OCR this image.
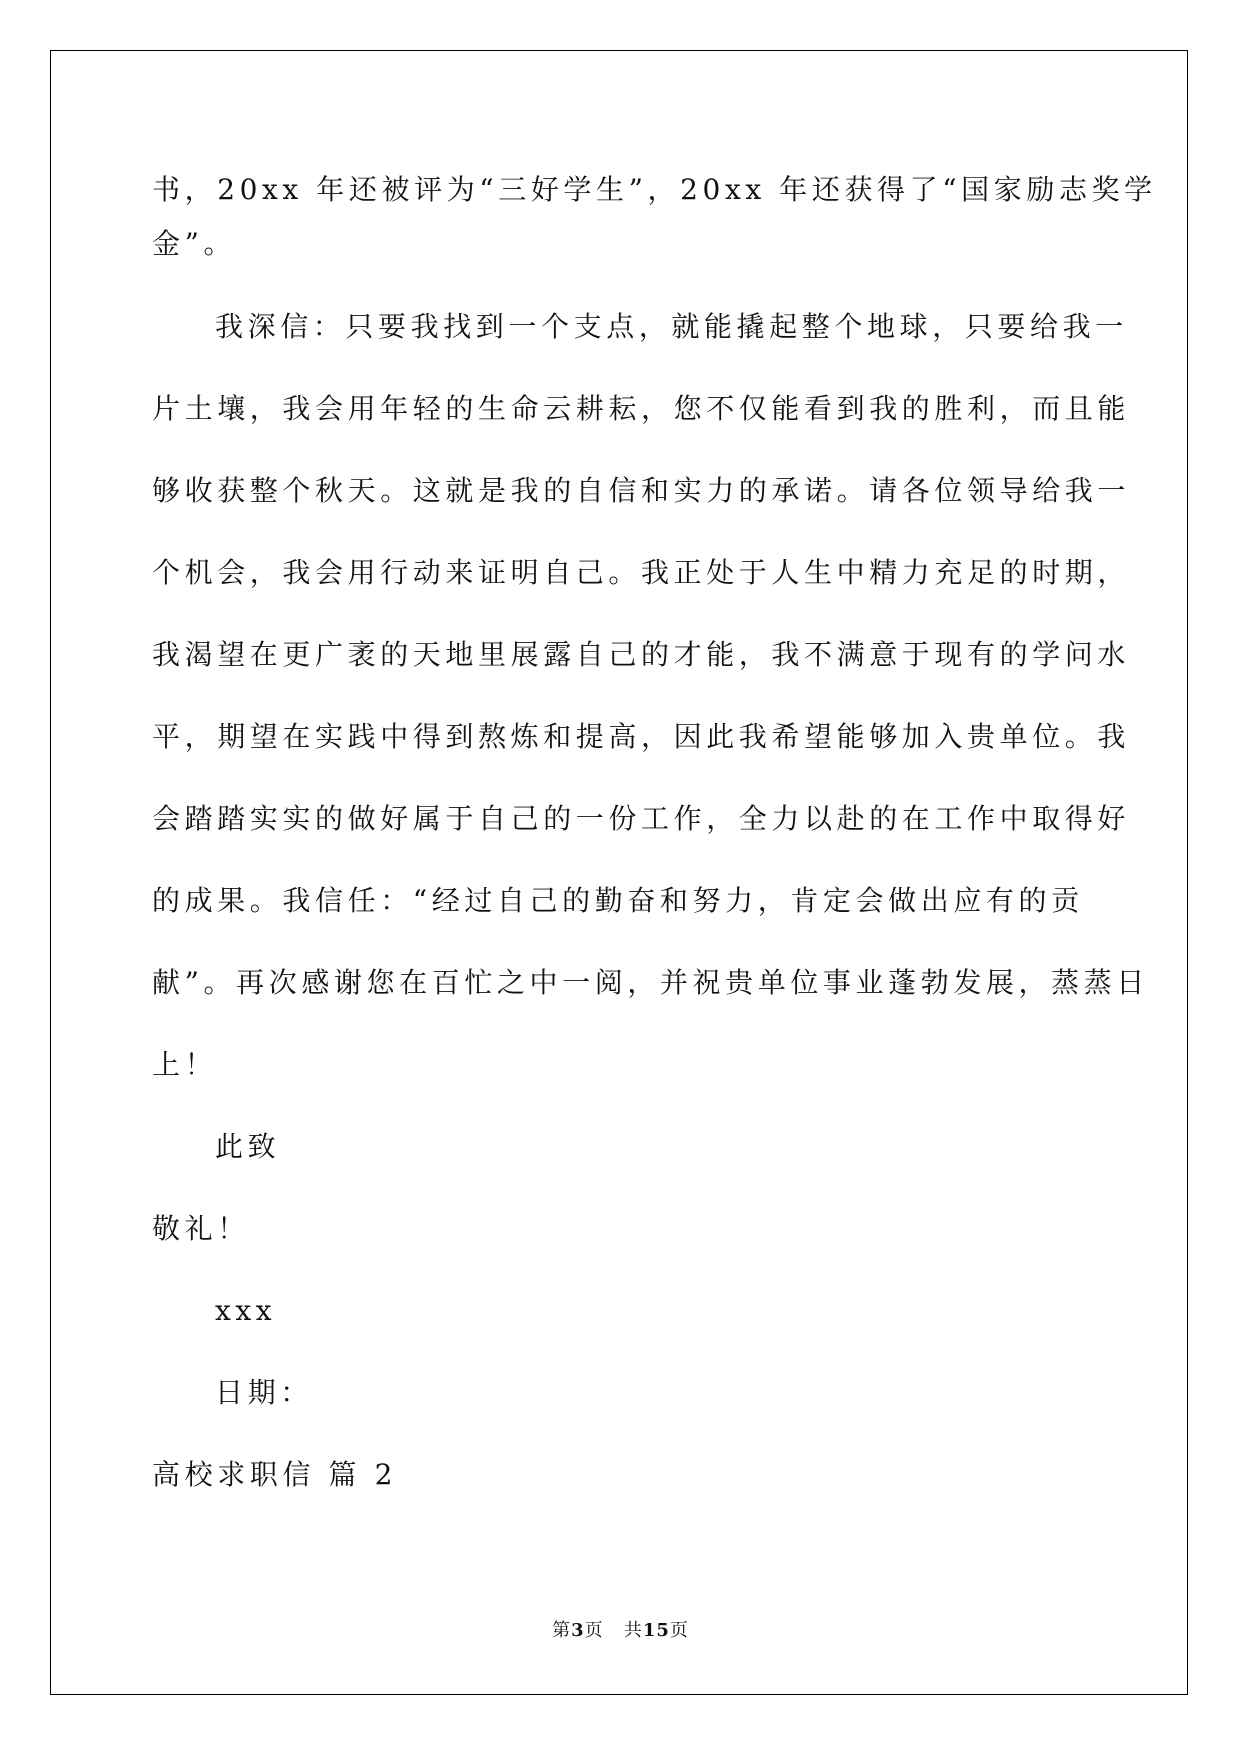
书，20xx 年还被评为“三好学生”，20xx 年还获得了“国家励志奖学
金”。
我深信：只要我找到一个支点，就能撬起整个地球，只要给我一
片土壤，我会用年轻的生命云耕耘，您不仅能看到我的胜利，而且能
够收获整个秋天。这就是我的自信和实力的承诺。请各位领导给我一
个机会，我会用行动来证明自己。我正处于人生中精力充足的时期，
我渴望在更广袤的天地里展露自己的才能，我不满意于现有的学问水
平，期望在实践中得到熬炼和提高，因此我希望能够加入贵单位。我
会踏踏实实的做好属于自己的一份工作，全力以赴的在工作中取得好
的成果。我信任：“经过自己的勤奋和努力，肯定会做出应有的贡
献”。再次感谢您在百忙之中一阅，并祝贵单位事业蓬勃发展，蒸蒸日
上！
此致
敬礼！
xxx
日期：
高校求职信 篇 2
第3页 共15页
